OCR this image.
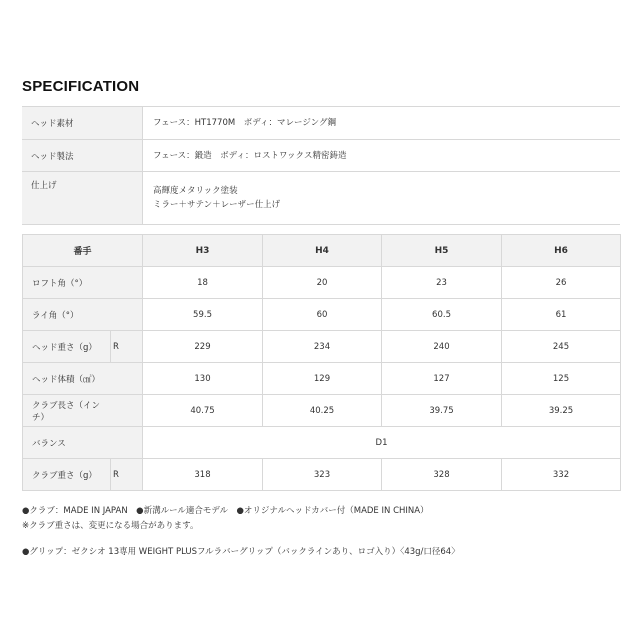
SPECIFICATION
ヘッド素材	フェース：HT1770M　ボディ：マレージング鋼

ヘッド製法	フェース：鍛造　ボディ：ロストワックス精密鋳造

仕上げ	高輝度メタリック塗装
ミラー＋サテン＋レーザー仕上げ
番手		H3	H4	H5	H6
ロフト角（°）		18	20	23	26
ライ角（°）		59.5	60	60.5	61
ヘッド重さ（g）	R	229	234	240	245
ヘッド体積（㎤）		130	129	127	125
クラブ長さ（インチ）		40.75	40.25	39.75	39.25
バランス		D1			
クラブ重さ（g）	R	318	323	328	332

●クラブ：MADE IN JAPAN　●新溝ルール適合モデル　●オリジナルヘッドカバー付（MADE IN CHINA）

※クラブ重さは、変更になる場合があります。

●グリップ：ゼクシオ 13専用 WEIGHT PLUSフルラバーグリップ（バックラインあり、ロゴ入り）〈43g/口径64〉
